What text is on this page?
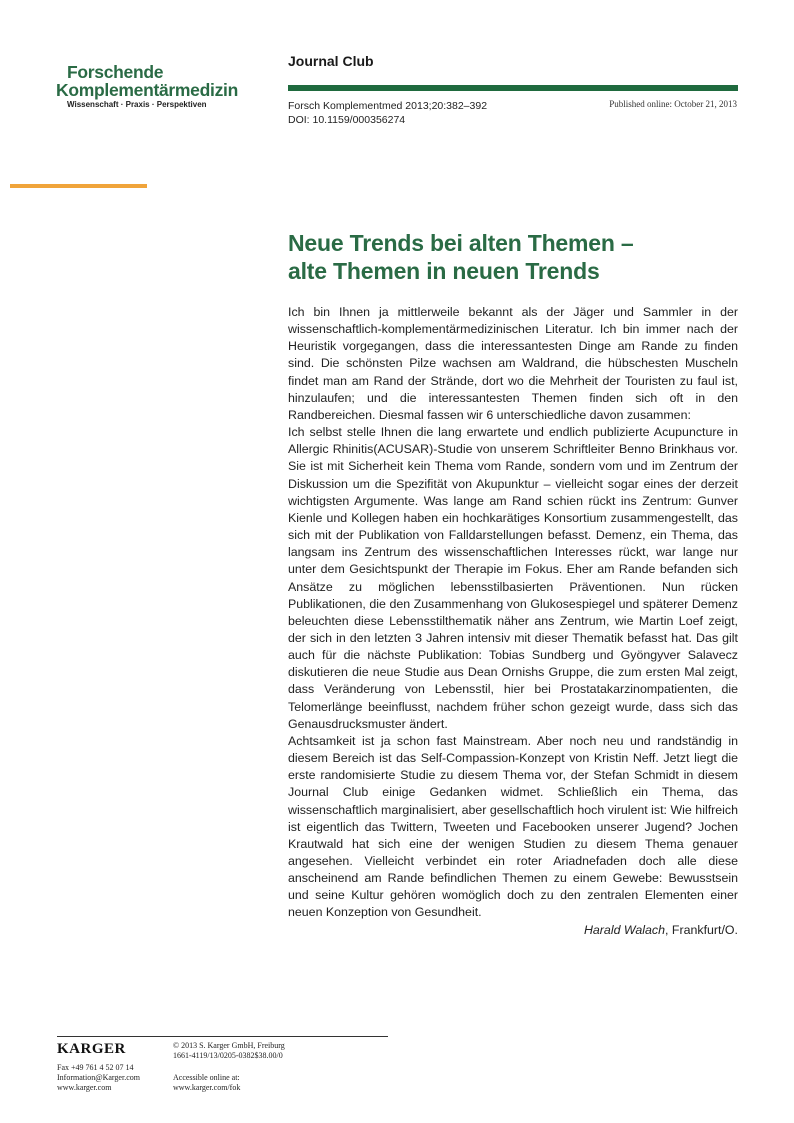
Forschende
Komplementärmedizin
Wissenschaft · Praxis · Perspektiven
Journal Club
Forsch Komplementmed 2013;20:382–392
DOI: 10.1159/000356274
Published online: October 21, 2013
Neue Trends bei alten Themen –
alte Themen in neuen Trends

Ich bin Ihnen ja mittlerweile bekannt als der Jäger und Sammler in der wissenschaftlich-komplementärmedizinischen Literatur. Ich bin immer nach der Heuristik vorgegangen, dass die interessantesten Dinge am Rande zu finden sind. Die schönsten Pilze wachsen am Waldrand, die hübschesten Muscheln findet man am Rand der Strände, dort wo die Mehrheit der Touristen zu faul ist, hinzulaufen; und die interessantesten Themen finden sich oft in den Randbereichen. Diesmal fassen wir 6 unterschiedliche davon zusammen:

Ich selbst stelle Ihnen die lang erwartete und endlich publizierte Acupuncture in Allergic Rhinitis(ACUSAR)-Studie von unserem Schriftleiter Benno Brinkhaus vor. Sie ist mit Sicherheit kein Thema vom Rande, sondern vom und im Zentrum der Diskussion um die Spezifität von Akupunktur – vielleicht sogar eines der derzeit wichtigsten Argumente. Was lange am Rand schien rückt ins Zentrum: Gunver Kienle und Kollegen haben ein hochkarätiges Konsortium zusammengestellt, das sich mit der Publikation von Falldarstellungen befasst. Demenz, ein Thema, das langsam ins Zentrum des wissenschaftlichen Interesses rückt, war lange nur unter dem Gesichtspunkt der Therapie im Fokus. Eher am Rande befanden sich Ansätze zu möglichen lebensstilbasierten Präventionen. Nun rücken Publikationen, die den Zusammenhang von Glukosespiegel und späterer Demenz beleuchten diese Lebensstilthematik näher ans Zentrum, wie Martin Loef zeigt, der sich in den letzten 3 Jahren intensiv mit dieser Thematik befasst hat. Das gilt auch für die nächste Publikation: Tobias Sundberg und Gyöngyver Salavecz diskutieren die neue Studie aus Dean Ornishs Gruppe, die zum ersten Mal zeigt, dass Veränderung von Lebensstil, hier bei Prostatakarzinompatienten, die Telomerlänge beeinflusst, nachdem früher schon gezeigt wurde, dass sich das Genausdrucksmuster ändert.

Achtsamkeit ist ja schon fast Mainstream. Aber noch neu und randständig in diesem Bereich ist das Self-Compassion-Konzept von Kristin Neff. Jetzt liegt die erste randomisierte Studie zu diesem Thema vor, der Stefan Schmidt in diesem Journal Club einige Gedanken widmet. Schließlich ein Thema, das wissenschaftlich marginalisiert, aber gesellschaftlich hoch virulent ist: Wie hilfreich ist eigentlich das Twittern, Tweeten und Facebooken unserer Jugend? Jochen Krautwald hat sich eine der wenigen Studien zu diesem Thema genauer angesehen. Vielleicht verbindet ein roter Ariadnefaden doch alle diese anscheinend am Rande befindlichen Themen zu einem Gewebe: Bewusstsein und seine Kultur gehören womöglich doch zu den zentralen Elementen einer neuen Konzeption von Gesundheit.

Harald Walach, Frankfurt/O.

KARGER
Fax +49 761 4 52 07 14
Information@Karger.com
www.karger.com
© 2013 S. Karger GmbH, Freiburg
1661-4119/13/0205-0382$38.00/0
Accessible online at:
www.karger.com/fok
